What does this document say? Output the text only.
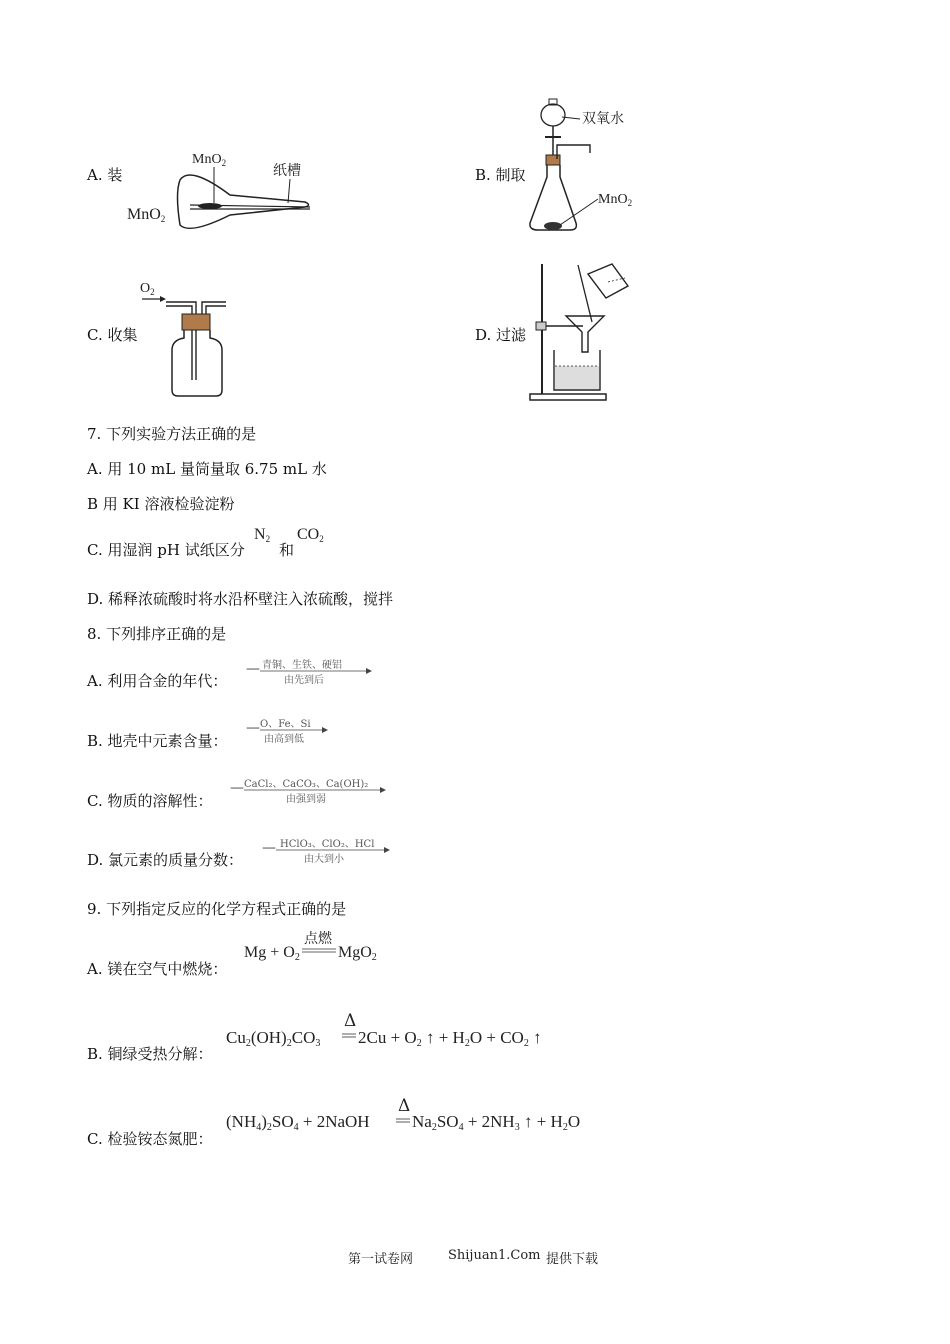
A. 装
MnO$_2$
MnO$_2$	纸槽	B. 制取
双氧水
MnO$_2$
C. 收集
$O_2$
D. 过滤
7. 下列实验方法正确的是
A. 用 10 mL 量筒量取 6.75 mL 水
B 用 KI 溶液检验淀粉
C. 用湿润 pH 试纸区分
$N_2$
和
$CO_2$
D. 稀释浓硫酸时将水沿杯壁注入浓硫酸，搅拌
8. 下列排序正确的是
A. 利用合金的年代：
青铜、生铁、硬铝
—
由先到后
B. 地壳中元素含量：
O、Fe、Si
—
由高到低
C. 物质的溶解性：
CaCl₂、CaCO₃、Ca(OH)₂
—
由强到弱
D. 氯元素的质量分数：
HClO₃、ClO₂、HCl
—
由大到小
9. 下列指定反应的化学方程式正确的是
A. 镁在空气中燃烧：
$Mg + O_2$
点燃
MgO$_2$
B. 铜绿受热分解：
$Cu_2(OH)_2CO_3$
Δ
$2Cu + O_2$ ↑ + $H_2O + CO_2$ ↑
C. 检验铵态氮肥：
$(NH_4)_2SO_4$ + 2NaOH
Δ
$Na_2SO_4 + 2NH_3$ ↑ + $H_2O$
第一试卷网	Shijuan1.Com 提供下载
